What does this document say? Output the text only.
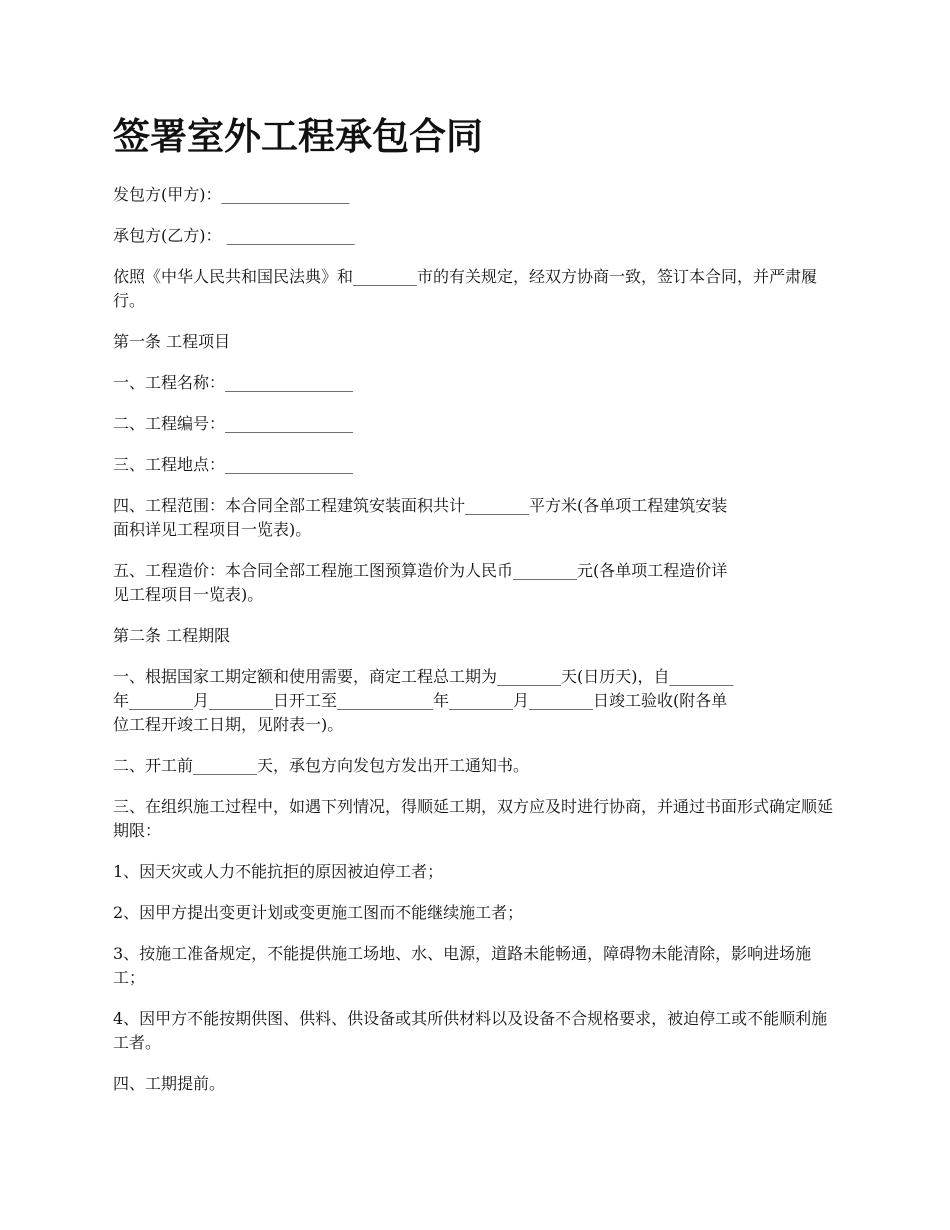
签署室外工程承包合同

发包方(甲方)：________________

承包方(乙方)： ________________

依照《中华人民共和国民法典》和________市的有关规定，经双方协商一致，签订本合同，并严肃履行。

第一条 工程项目

一、工程名称：________________

二、工程编号：________________

三、工程地点：________________

四、工程范围：本合同全部工程建筑安装面积共计________平方米(各单项工程建筑安装
面积详见工程项目一览表)。

五、工程造价：本合同全部工程施工图预算造价为人民币________元(各单项工程造价详
见工程项目一览表)。

第二条 工程期限

一、根据国家工期定额和使用需要，商定工程总工期为________天(日历天)，自________
年________月________日开工至____________年________月________日竣工验收(附各单
位工程开竣工日期，见附表一)。

二、开工前________天，承包方向发包方发出开工通知书。

三、在组织施工过程中，如遇下列情况，得顺延工期，双方应及时进行协商，并通过书面形式确定顺延期限：

1、因天灾或人力不能抗拒的原因被迫停工者；

2、因甲方提出变更计划或变更施工图而不能继续施工者；

3、按施工准备规定，不能提供施工场地、水、电源，道路未能畅通，障碍物未能清除，影响进场施工；

4、因甲方不能按期供图、供料、供设备或其所供材料以及设备不合规格要求，被迫停工或不能顺利施工者。

四、工期提前。
